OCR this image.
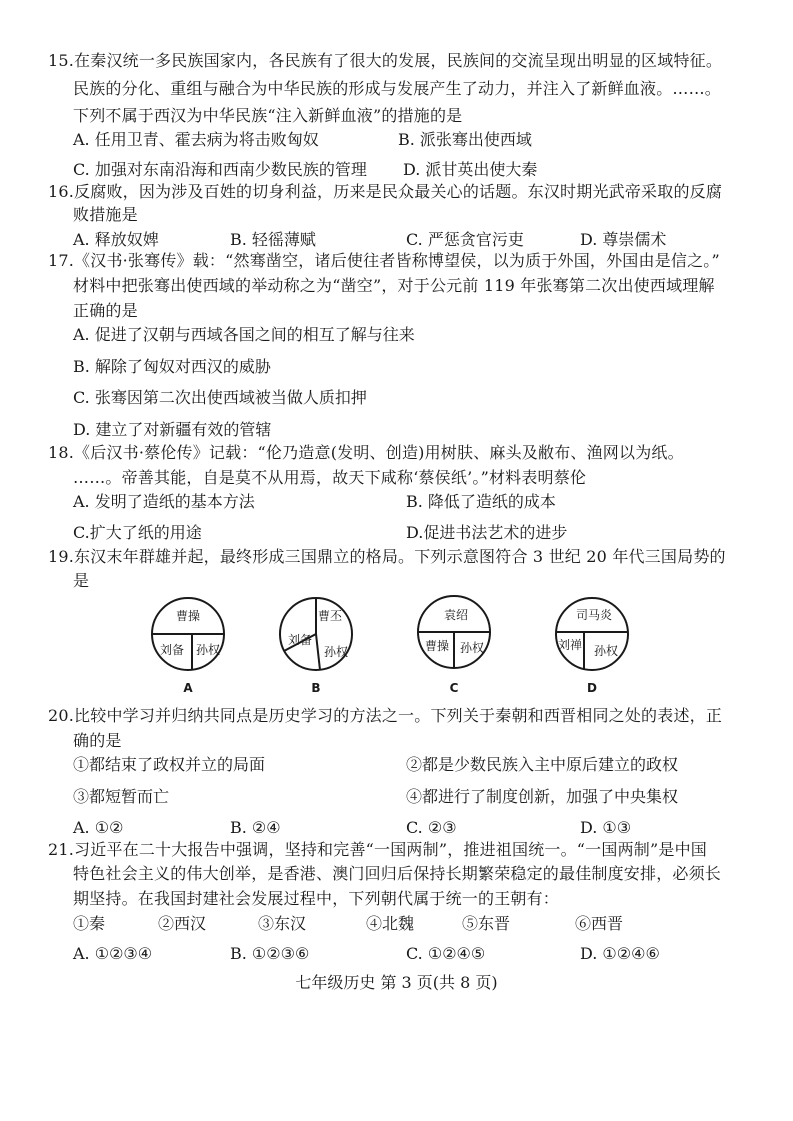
15.在秦汉统一多民族国家内，各民族有了很大的发展，民族间的交流呈现出明显的区域特征。
民族的分化、重组与融合为中华民族的形成与发展产生了动力，并注入了新鲜血液。……。
下列不属于西汉为中华民族“注入新鲜血液”的措施的是
A. 任用卫青、霍去病为将击败匈奴	B. 派张骞出使西域
C. 加强对东南沿海和西南少数民族的管理 D. 派甘英出使大秦
16.反腐败，因为涉及百姓的切身利益，历来是民众最关心的话题。东汉时期光武帝采取的反腐
败措施是
A. 释放奴婢	B. 轻徭薄赋	C. 严惩贪官污吏	D. 尊崇儒术
17.《汉书·张骞传》载：“然骞凿空，诸后使往者皆称博望侯，以为质于外国，外国由是信之。”
材料中把张骞出使西域的举动称之为“凿空”，对于公元前 119 年张骞第二次出使西域理解
正确的是
A. 促进了汉朝与西域各国之间的相互了解与往来
B. 解除了匈奴对西汉的威胁
C. 张骞因第二次出使西域被当做人质扣押
D. 建立了对新疆有效的管辖
18.《后汉书·蔡伦传》记载：“伦乃造意(发明、创造)用树肤、麻头及敝布、渔网以为纸。
……。帝善其能，自是莫不从用焉，故天下咸称‘蔡侯纸’。”材料表明蔡伦
A. 发明了造纸的基本方法	B. 降低了造纸的成本
C.扩大了纸的用途	D.促进书法艺术的进步
19.东汉末年群雄并起，最终形成三国鼎立的格局。下列示意图符合 3 世纪 20 年代三国局势的
是
曹操
刘备 孙权
A
曹丕
刘备
孙权
B
袁绍
曹操 孙权
C
司马炎
刘禅 孙权
D
20.比较中学习并归纳共同点是历史学习的方法之一。下列关于秦朝和西晋相同之处的表述，正
确的是
①都结束了政权并立的局面	②都是少数民族入主中原后建立的政权
③都短暂而亡	④都进行了制度创新，加强了中央集权
A. ①②	B. ②④	C. ②③	D. ①③
21.习近平在二十大报告中强调，坚持和完善“一国两制”，推进祖国统一。“一国两制”是中国
特色社会主义的伟大创举，是香港、澳门回归后保持长期繁荣稳定的最佳制度安排，必须长
期坚持。在我国封建社会发展过程中，下列朝代属于统一的王朝有：
①秦	②西汉	③东汉	④北魏	⑤东晋	⑥西晋
A. ①②③④	B. ①②③⑥	C. ①②④⑤	D. ①②④⑥
七年级历史 第 3 页(共 8 页)
